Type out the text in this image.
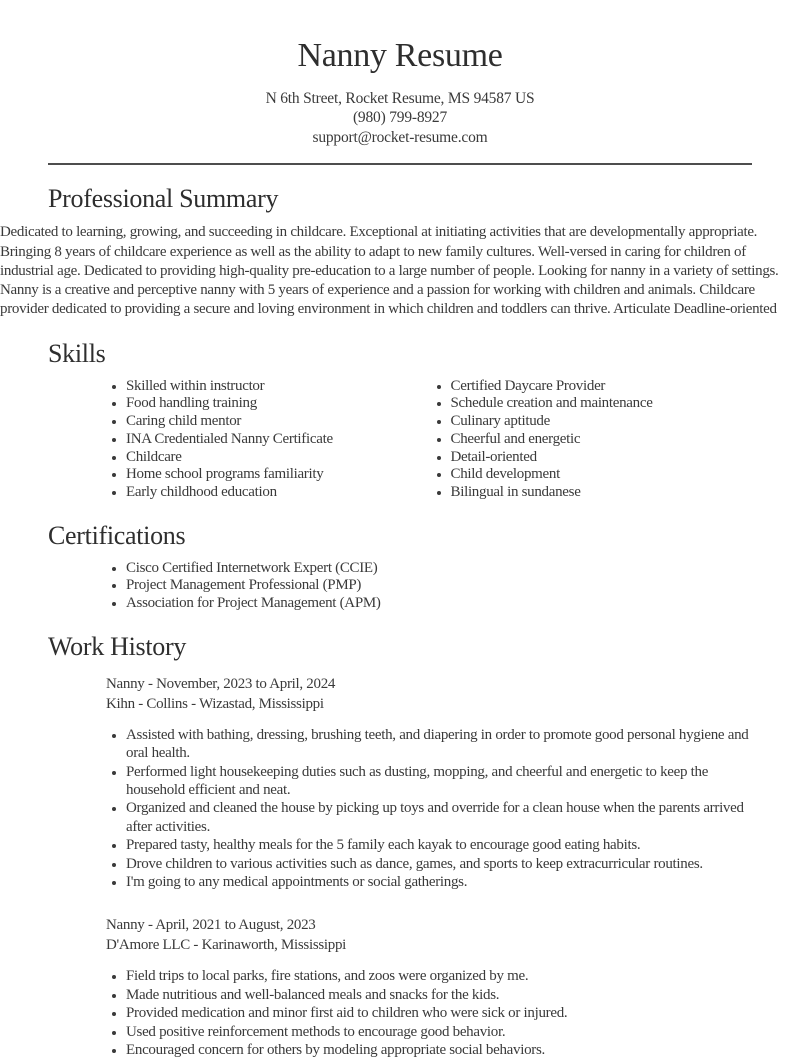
Nanny Resume
N 6th Street, Rocket Resume, MS 94587 US
(980) 799-8927
support@rocket-resume.com
Professional Summary

Dedicated to learning, growing, and succeeding in childcare. Exceptional at initiating activities that are developmentally appropriate. Bringing 8 years of childcare experience as well as the ability to adapt to new family cultures. Well-versed in caring for children of industrial age. Dedicated to providing high-quality pre-education to a large number of people. Looking for nanny in a variety of settings. Nanny is a creative and perceptive nanny with 5 years of experience and a passion for working with children and animals. Childcare provider dedicated to providing a secure and loving environment in which children and toddlers can thrive. Articulate Deadline-oriented

Skills
• Skilled within instructor
• Food handling training
• Caring child mentor
• INA Credentialed Nanny Certificate
• Childcare
• Home school programs familiarity
• Early childhood education
• Certified Daycare Provider
• Schedule creation and maintenance
• Culinary aptitude
• Cheerful and energetic
• Detail-oriented
• Child development
• Bilingual in sundanese
Certifications
• Cisco Certified Internetwork Expert (CCIE)
• Project Management Professional (PMP)
• Association for Project Management (APM)
Work History
Nanny - November, 2023 to April, 2024
Kihn - Collins - Wizastad, Mississippi
• Assisted with bathing, dressing, brushing teeth, and diapering in order to promote good personal hygiene and oral health.
• Performed light housekeeping duties such as dusting, mopping, and cheerful and energetic to keep the household efficient and neat.
• Organized and cleaned the house by picking up toys and override for a clean house when the parents arrived after activities.
• Prepared tasty, healthy meals for the 5 family each kayak to encourage good eating habits.
• Drove children to various activities such as dance, games, and sports to keep extracurricular routines.
• I'm going to any medical appointments or social gatherings.
Nanny - April, 2021 to August, 2023
D'Amore LLC - Karinaworth, Mississippi
• Field trips to local parks, fire stations, and zoos were organized by me.
• Made nutritious and well-balanced meals and snacks for the kids.
• Provided medication and minor first aid to children who were sick or injured.
• Used positive reinforcement methods to encourage good behavior.
• Encouraged concern for others by modeling appropriate social behaviors.
